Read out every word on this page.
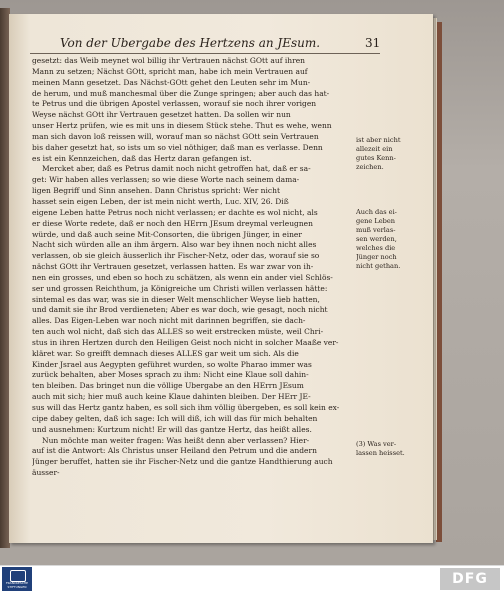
Von der Ubergabe des Hertzens an JEsum.	31
gesetzt: das Weib meynet wol billig ihr Vertrauen nächst GOtt auf ihren
Mann zu setzen; Nächst GOtt, spricht man, habe ich mein Vertrauen auf
meinen Mann gesetzet. Das Nächst-GOtt gehet den Leuten sehr im Mun-
de herum, und muß manchesmal über die Zunge springen; aber auch das hat-
te Petrus und die übrigen Apostel verlassen, worauf sie noch ihrer vorigen
Weyse nächst GOtt ihr Vertrauen gesetzet hatten. Da sollen wir nun
unser Hertz prüfen, wie es mit uns in diesem Stück stehe. Thut es wehe, wenn
man sich davon loß reissen will, worauf man so nächst GOtt sein Vertrauen
bis daher gesetzt hat, so ists um so viel nöthiger, daß man es verlasse. Denn
es ist ein Kennzeichen, daß das Hertz daran gefangen ist.
Mercket aber, daß es Petrus damit noch nicht getroffen hat, daß er sa-
get: Wir haben alles verlassen; so wie diese Worte nach seinem dama-
ligen Begriff und Sinn ansehen. Dann Christus spricht: Wer nicht
hasset sein eigen Leben, der ist mein nicht werth, Luc. XIV, 26. Diß
eigene Leben hatte Petrus noch nicht verlassen; er dachte es wol nicht, als
er diese Worte redete, daß er noch den HErrn JEsum dreymal verleugnen
würde, und daß auch seine Mit-Consorten, die übrigen Jünger, in einer
Nacht sich würden alle an ihm ärgern. Also war bey ihnen noch nicht alles
verlassen, ob sie gleich äusserlich ihr Fischer-Netz, oder das, worauf sie so
nächst GOtt ihr Vertrauen gesetzet, verlassen hatten. Es war zwar von ih-
nen ein grosses, und eben so hoch zu schätzen, als wenn ein ander viel Schlös-
ser und grossen Reichthum, ja Königreiche um Christi willen verlassen hätte:
sintemal es das war, was sie in dieser Welt menschlicher Weyse lieb hatten,
und damit sie ihr Brod verdieneten; Aber es war doch, wie gesagt, noch nicht
alles. Das Eigen-Leben war noch nicht mit darinnen begriffen, sie dach-
ten auch wol nicht, daß sich das ALLES so weit erstrecken müste, weil Chri-
stus in ihren Hertzen durch den Heiligen Geist noch nicht in solcher Maaße ver-
kläret war. So greifft demnach dieses ALLES gar weit um sich. Als die
Kinder Jsrael aus Aegypten geführet wurden, so wolte Pharao immer was
zurück behalten, aber Moses sprach zu ihm: Nicht eine Klaue soll dahin-
ten bleiben. Das bringet nun die völlige Ubergabe an den HErrn JEsum
auch mit sich; hier muß auch keine Klaue dahinten bleiben. Der HErr JE-
sus will das Hertz gantz haben, es soll sich ihm völlig übergeben, es soll kein ex-
cipe dabey gelten, daß ich sage: Ich will diß, ich will das für mich behalten
und ausnehmen: Kurtzum nicht! Er will das gantze Hertz, das heißt alles.
Nun möchte man weiter fragen: Was heißt denn aber verlassen? Hier-
auf ist die Antwort: Als Christus unser Heiland den Petrum und die andern
Jünger beruffet, hatten sie ihr Fischer-Netz und die gantze Handthierung auch
äusser-
ist aber nicht
allezeit ein
gutes Kenn-
zeichen.
Auch das ei-
gene Leben
muß verlas-
sen werden,
welches die
Jünger noch
nicht gethan.
(3) Was ver-
lassen heisset.
FRANCKESCHE
STIFTUNGEN	DFG
